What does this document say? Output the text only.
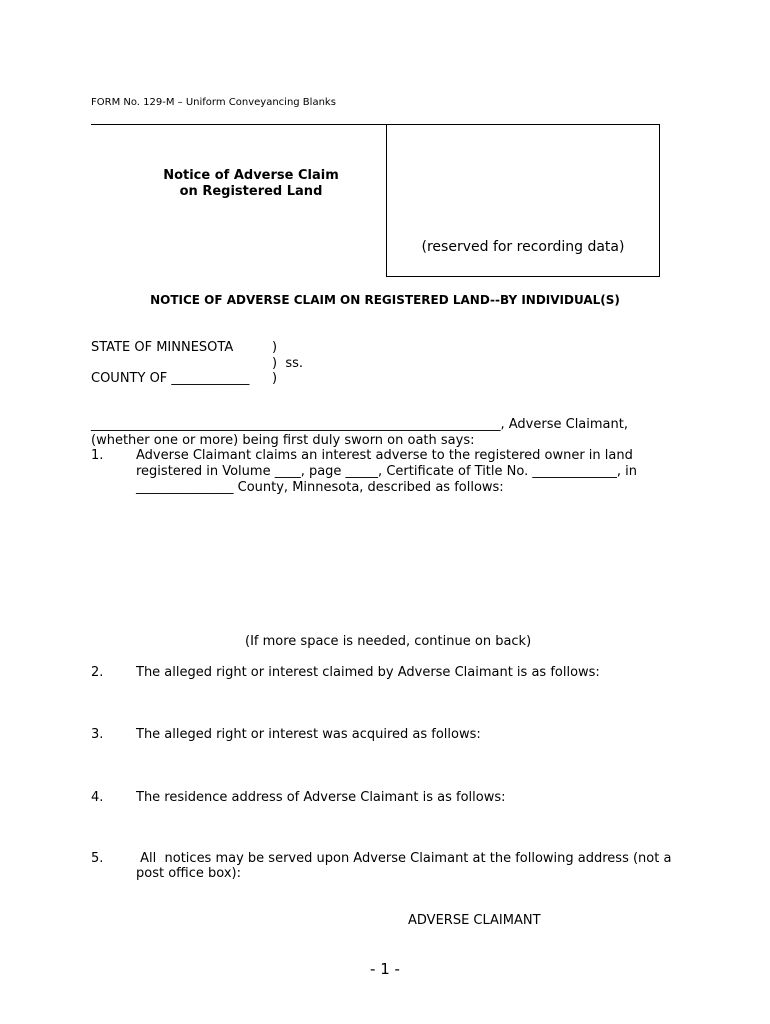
FORM No. 129-M – Uniform Conveyancing Blanks
Notice of Adverse Claim
on Registered Land
(reserved for recording data)
NOTICE OF ADVERSE CLAIM ON REGISTERED LAND--BY INDIVIDUAL(S)
STATE OF MINNESOTA
COUNTY OF ____________
)
)  ss.
)
_______________________________________________________________, Adverse Claimant,
(whether one or more) being first duly sworn on oath says:
1.	Adverse Claimant claims an interest adverse to the registered owner in land
registered in Volume ____, page _____, Certificate of Title No. _____________, in
_______________ County, Minnesota, described as follows:
(If more space is needed, continue on back)
2.	The alleged right or interest claimed by Adverse Claimant is as follows:
3.	The alleged right or interest was acquired as follows:
4.	The residence address of Adverse Claimant is as follows:
5.	All  notices may be served upon Adverse Claimant at the following address (not a
post office box):
ADVERSE CLAIMANT
- 1 -
